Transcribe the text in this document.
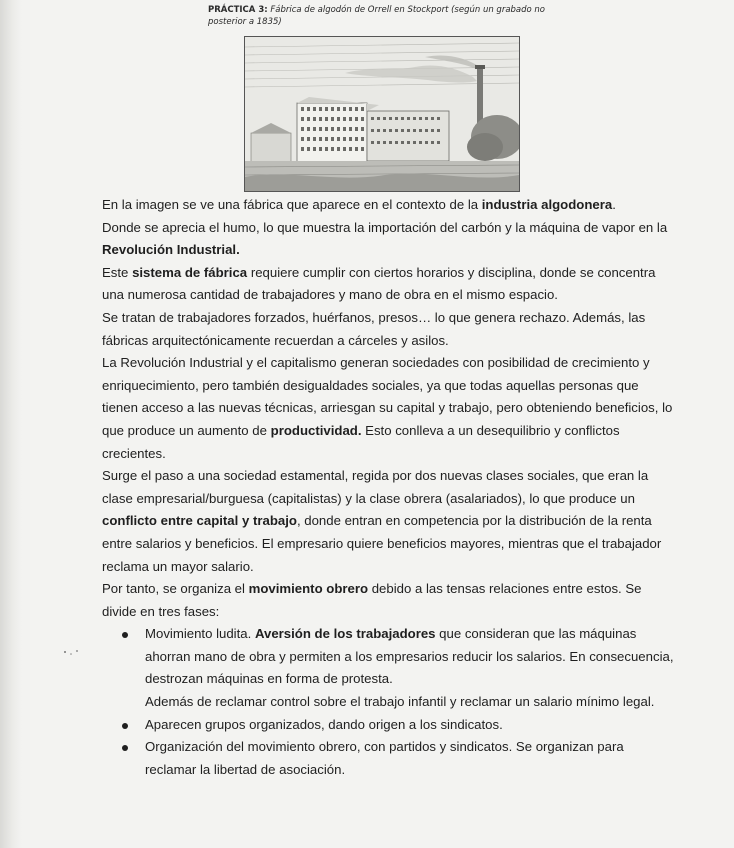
PRÁCTICA 3: Fábrica de algodón de Orrell en Stockport (según un grabado no posterior a 1835)

En la imagen se ve una fábrica que aparece en el contexto de la industria algodonera.

Donde se aprecia el humo, lo que muestra la importación del carbón y la máquina de vapor en la Revolución Industrial.

Este sistema de fábrica requiere cumplir con ciertos horarios y disciplina, donde se concentra una numerosa cantidad de trabajadores y mano de obra en el mismo espacio.

Se tratan de trabajadores forzados, huérfanos, presos… lo que genera rechazo. Además, las fábricas arquitectónicamente recuerdan a cárceles y asilos.

La Revolución Industrial y el capitalismo generan sociedades con posibilidad de crecimiento y enriquecimiento, pero también desigualdades sociales, ya que todas aquellas personas que tienen acceso a las nuevas técnicas, arriesgan su capital y trabajo, pero obteniendo beneficios, lo que produce un aumento de productividad. Esto conlleva a un desequilibrio y conflictos crecientes.

Surge el paso a una sociedad estamental, regida por dos nuevas clases sociales, que eran la clase empresarial/burguesa (capitalistas) y la clase obrera (asalariados), lo que produce un conflicto entre capital y trabajo, donde entran en competencia por la distribución de la renta entre salarios y beneficios. El empresario quiere beneficios mayores, mientras que el trabajador reclama un mayor salario.

Por tanto, se organiza el movimiento obrero debido a las tensas relaciones entre estos. Se divide en tres fases:

Movimiento ludita. Aversión de los trabajadores que consideran que las máquinas ahorran mano de obra y permiten a los empresarios reducir los salarios. En consecuencia, destrozan máquinas en forma de protesta.
Además de reclamar control sobre el trabajo infantil y reclamar un salario mínimo legal.
Aparecen grupos organizados, dando origen a los sindicatos.
Organización del movimiento obrero, con partidos y sindicatos. Se organizan para reclamar la libertad de asociación.
